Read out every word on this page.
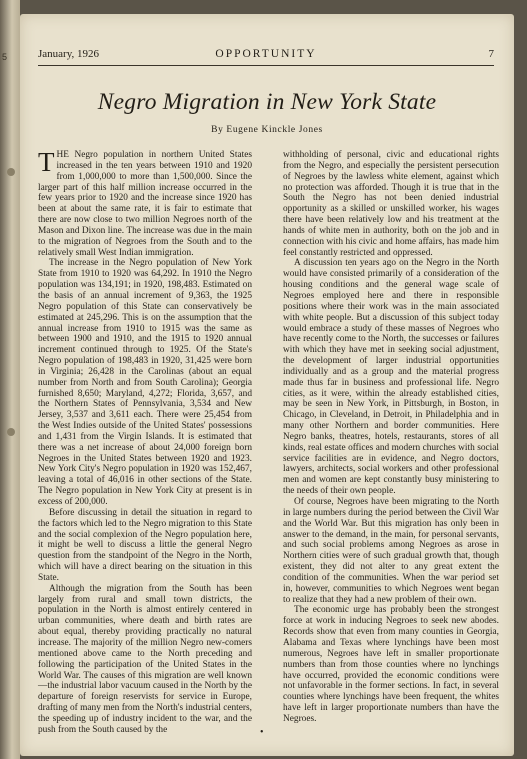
5	January, 1926	OPPORTUNITY	7
Negro Migration in New York State
By Eugene Kinckle Jones

THE Negro population in northern United States increased in the ten years between 1910 and 1920 from 1,000,000 to more than 1,500,000. Since the larger part of this half million increase occurred in the few years prior to 1920 and the increase since 1920 has been at about the same rate, it is fair to estimate that there are now close to two million Negroes north of the Mason and Dixon line. The increase was due in the main to the migration of Negroes from the South and to the relatively small West Indian immigration.

The increase in the Negro population of New York State from 1910 to 1920 was 64,292. In 1910 the Negro population was 134,191; in 1920, 198,483. Estimated on the basis of an annual increment of 9,363, the 1925 Negro population of this State can conservatively be estimated at 245,296. This is on the assumption that the annual increase from 1910 to 1915 was the same as between 1900 and 1910, and the 1915 to 1920 annual increment continued through to 1925. Of the State's Negro population of 198,483 in 1920, 31,425 were born in Virginia; 26,428 in the Carolinas (about an equal number from North and from South Carolina); Georgia furnished 8,650; Maryland, 4,272; Florida, 3,657, and the Northern States of Pennsylvania, 3,534 and New Jersey, 3,537 and 3,611 each. There were 25,454 from the West Indies outside of the United States' possessions and 1,431 from the Virgin Islands. It is estimated that there was a net increase of about 24,000 foreign born Negroes in the United States between 1920 and 1923. New York City's Negro population in 1920 was 152,467, leaving a total of 46,016 in other sections of the State. The Negro population in New York City at present is in excess of 200,000.

Before discussing in detail the situation in regard to the factors which led to the Negro migration to this State and the social complexion of the Negro population here, it might be well to discuss a little the general Negro question from the standpoint of the Negro in the North, which will have a direct bearing on the situation in this State.

Although the migration from the South has been largely from rural and small town districts, the population in the North is almost entirely centered in urban communities, where death and birth rates are about equal, thereby providing practically no natural increase. The majority of the million Negro new-comers mentioned above came to the North preceding and following the participation of the United States in the World War. The causes of this migration are well known—the industrial labor vacuum caused in the North by the departure of foreign reservists for service in Europe, drafting of many men from the North's industrial centers, the speeding up of industry incident to the war, and the push from the South caused by the

withholding of personal, civic and educational rights from the Negro, and especially the persistent persecution of Negroes by the lawless white element, against which no protection was afforded. Though it is true that in the South the Negro has not been denied industrial opportunity as a skilled or unskilled worker, his wages there have been relatively low and his treatment at the hands of white men in authority, both on the job and in connection with his civic and home affairs, has made him feel constantly restricted and oppressed.

A discussion ten years ago on the Negro in the North would have consisted primarily of a consideration of the housing conditions and the general wage scale of Negroes employed here and there in responsible positions where their work was in the main associated with white people. But a discussion of this subject today would embrace a study of these masses of Negroes who have recently come to the North, the successes or failures with which they have met in seeking social adjustment, the development of larger industrial opportunities individually and as a group and the material progress made thus far in business and professional life. Negro cities, as it were, within the already established cities, may be seen in New York, in Pittsburgh, in Boston, in Chicago, in Cleveland, in Detroit, in Philadelphia and in many other Northern and border communities. Here Negro banks, theatres, hotels, restaurants, stores of all kinds, real estate offices and modern churches with social service facilities are in evidence, and Negro doctors, lawyers, architects, social workers and other professional men and women are kept constantly busy ministering to the needs of their own people.

Of course, Negroes have been migrating to the North in large numbers during the period between the Civil War and the World War. But this migration has only been in answer to the demand, in the main, for personal servants, and such social problems among Negroes as arose in Northern cities were of such gradual growth that, though existent, they did not alter to any great extent the condition of the communities. When the war period set in, however, communities to which Negroes went began to realize that they had a new problem of their own.

The economic urge has probably been the strongest force at work in inducing Negroes to seek new abodes. Records show that even from many counties in Georgia, Alabama and Texas where lynchings have been most numerous, Negroes have left in smaller proportionate numbers than from those counties where no lynchings have occurred, provided the economic conditions were not unfavorable in the former sections. In fact, in several counties where lynchings have been frequent, the whites have left in larger proportionate numbers than have the Negroes.

•
